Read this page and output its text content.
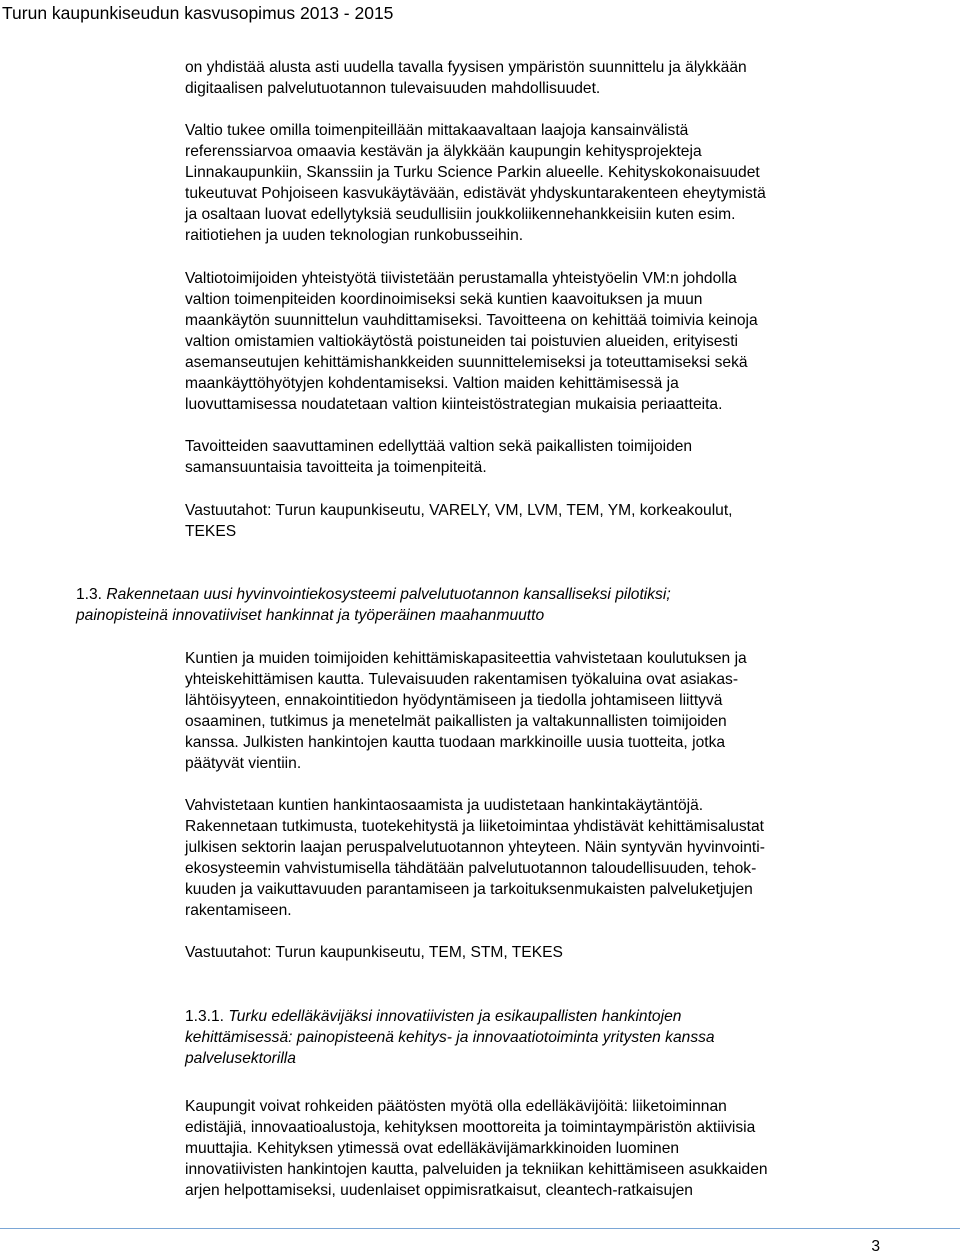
Turun kaupunkiseudun kasvusopimus 2013 - 2015
on yhdistää alusta asti uudella tavalla fyysisen ympäristön suunnittelu ja älykkään
digitaalisen palvelutuotannon tulevaisuuden mahdollisuudet.
Valtio tukee omilla toimenpiteillään mittakaavaltaan laajoja kansainvälistä
referenssiarvoa omaavia kestävän ja älykkään kaupungin kehitysprojekteja
Linnakaupunkiin, Skanssiin ja Turku Science Parkin alueelle. Kehityskokonaisuudet
tukeutuvat Pohjoiseen kasvukäytävään, edistävät yhdyskuntarakenteen eheytymistä
ja osaltaan luovat edellytyksiä seudullisiin joukkoliikennehankkeisiin kuten esim.
raitiotiehen ja uuden teknologian runkobusseihin.
Valtiotoimijoiden yhteistyötä tiivistetään perustamalla yhteistyöelin VM:n johdolla
valtion toimenpiteiden koordinoimiseksi sekä kuntien kaavoituksen ja muun
maankäytön suunnittelun vauhdittamiseksi. Tavoitteena on kehittää toimivia keinoja
valtion omistamien valtiokäytöstä poistuneiden tai poistuvien alueiden, erityisesti
asemanseutujen kehittämishankkeiden suunnittelemiseksi ja toteuttamiseksi sekä
maankäyttöhyötyjen kohdentamiseksi. Valtion maiden kehittämisessä ja
luovuttamisessa noudatetaan valtion kiinteistöstrategian mukaisia periaatteita.
Tavoitteiden saavuttaminen edellyttää valtion sekä paikallisten toimijoiden
samansuuntaisia tavoitteita ja toimenpiteitä.
Vastuutahot: Turun kaupunkiseutu, VARELY, VM, LVM, TEM, YM, korkeakoulut,
TEKES
1.3. Rakennetaan uusi hyvinvointiekosysteemi palvelutuotannon kansalliseksi pilotiksi;
painopisteinä innovatiiviset hankinnat ja työperäinen maahanmuutto
Kuntien ja muiden toimijoiden kehittämiskapasiteettia vahvistetaan koulutuksen ja
yhteiskehittämisen kautta. Tulevaisuuden rakentamisen työkaluina ovat asiakas-
lähtöisyyteen, ennakointitiedon hyödyntämiseen ja tiedolla johtamiseen liittyvä
osaaminen, tutkimus ja menetelmät paikallisten ja valtakunnallisten toimijoiden
kanssa. Julkisten hankintojen kautta tuodaan markkinoille uusia tuotteita, jotka
päätyvät vientiin.
Vahvistetaan kuntien hankintaosaamista ja uudistetaan hankintakäytäntöjä.
Rakennetaan tutkimusta, tuotekehitystä ja liiketoimintaa yhdistävät kehittämisalustat
julkisen sektorin laajan peruspalvelutuotannon yhteyteen. Näin syntyvän hyvinvointi-
ekosysteemin vahvistumisella tähdätään palvelutuotannon taloudellisuuden, tehok-
kuuden ja vaikuttavuuden parantamiseen ja tarkoituksenmukaisten palveluketjujen
rakentamiseen.
Vastuutahot: Turun kaupunkiseutu, TEM, STM, TEKES
1.3.1. Turku edelläkävijäksi innovatiivisten ja esikaupallisten hankintojen
kehittämisessä: painopisteenä kehitys- ja innovaatiotoiminta yritysten kanssa
palvelusektorilla
Kaupungit voivat rohkeiden päätösten myötä olla edelläkävijöitä: liiketoiminnan
edistäjiä, innovaatioalustoja, kehityksen moottoreita ja toimintaympäristön aktiivisia
muuttajia. Kehityksen ytimessä ovat edelläkävijämarkkinoiden luominen
innovatiivisten hankintojen kautta, palveluiden ja tekniikan kehittämiseen asukkaiden
arjen helpottamiseksi, uudenlaiset oppimisratkaisut, cleantech-ratkaisujen
3
